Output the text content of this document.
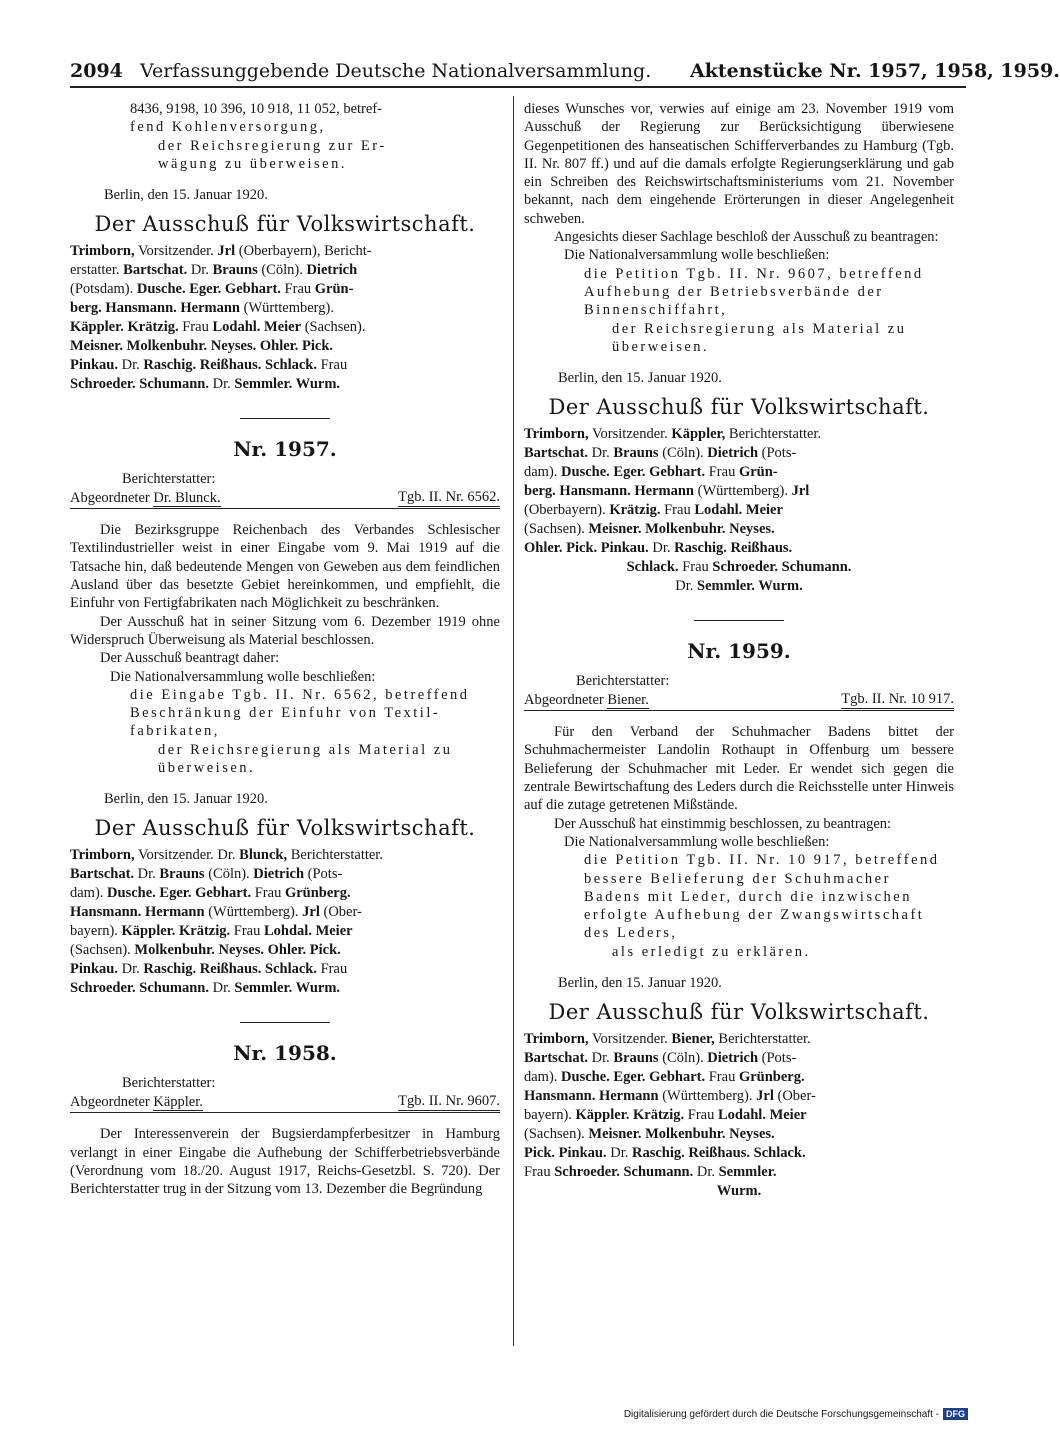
2094 Verfassunggebende Deutsche Nationalversammlung. Aktenstücke Nr. 1957, 1958, 1959.

8436, 9198, 10 396, 10 918, 11 052, betref-

fend Kohlenversorgung,

der Reichsregierung zur Er-

wägung zu überweisen.

Berlin, den 15. Januar 1920.

Der Ausschuß für Volkswirtschaft.

Trimborn, Vorsitzender. Jrl (Oberbayern), Bericht-
erstatter. Bartschat. Dr. Brauns (Cöln). Dietrich
(Potsdam). Dusche. Eger. Gebhart. Frau Grün-
berg. Hansmann. Hermann (Württemberg).
Käppler. Krätzig. Frau Lodahl. Meier (Sachsen).
Meisner. Molkenbuhr. Neyses. Ohler. Pick.
Pinkau. Dr. Raschig. Reißhaus. Schlack. Frau
Schroeder. Schumann. Dr. Semmler. Wurm.

Nr. 1957.

Berichterstatter:

Abgeordneter Dr. Blunck.	Tgb. II. Nr. 6562.

Die Bezirksgruppe Reichenbach des Verbandes Schlesischer Textilindustrieller weist in einer Eingabe vom 9. Mai 1919 auf die Tatsache hin, daß bedeutende Mengen von Geweben aus dem feindlichen Ausland über das besetzte Gebiet hereinkommen, und empfiehlt, die Einfuhr von Fertigfabrikaten nach Möglichkeit zu beschränken.

Der Ausschuß hat in seiner Sitzung vom 6. Dezember 1919 ohne Widerspruch Überweisung als Material beschlossen.

Der Ausschuß beantragt daher:

Die Nationalversammlung wolle beschließen:

die Eingabe Tgb. II. Nr. 6562, betreffend

Beschränkung der Einfuhr von Textil-

fabrikaten,

der Reichsregierung als Material zu

überweisen.

Berlin, den 15. Januar 1920.

Der Ausschuß für Volkswirtschaft.

Trimborn, Vorsitzender. Dr. Blunck, Berichterstatter.
Bartschat. Dr. Brauns (Cöln). Dietrich (Pots-
dam). Dusche. Eger. Gebhart. Frau Grünberg.
Hansmann. Hermann (Württemberg). Jrl (Ober-
bayern). Käppler. Krätzig. Frau Lohdal. Meier
(Sachsen). Molkenbuhr. Neyses. Ohler. Pick.
Pinkau. Dr. Raschig. Reißhaus. Schlack. Frau
Schroeder. Schumann. Dr. Semmler. Wurm.

Nr. 1958.

Berichterstatter:

Abgeordneter Käppler.	Tgb. II. Nr. 9607.

Der Interessenverein der Bugsierdampferbesitzer in Hamburg verlangt in einer Eingabe die Aufhebung der Schifferbetriebsverbände (Verordnung vom 18./20. August 1917, Reichs-Gesetzbl. S. 720). Der Berichterstatter trug in der Sitzung vom 13. Dezember die Begründung

dieses Wunsches vor, verwies auf einige am 23. November 1919 vom Ausschuß der Regierung zur Berücksichtigung überwiesene Gegenpetitionen des hanseatischen Schifferverbandes zu Hamburg (Tgb. II. Nr. 807 ff.) und auf die damals erfolgte Regierungserklärung und gab ein Schreiben des Reichswirtschaftsministeriums vom 21. November bekannt, nach dem eingehende Erörterungen in dieser Angelegenheit schweben.

Angesichts dieser Sachlage beschloß der Ausschuß zu beantragen:

Die Nationalversammlung wolle beschließen:

die Petition Tgb. II. Nr. 9607, betreffend

Aufhebung der Betriebsverbände der

Binnenschiffahrt,

der Reichsregierung als Material zu

überweisen.

Berlin, den 15. Januar 1920.

Der Ausschuß für Volkswirtschaft.

Trimborn, Vorsitzender. Käppler, Berichterstatter.
Bartschat. Dr. Brauns (Cöln). Dietrich (Pots-
dam). Dusche. Eger. Gebhart. Frau Grün-
berg. Hansmann. Hermann (Württemberg). Jrl
(Oberbayern). Krätzig. Frau Lodahl. Meier
(Sachsen). Meisner. Molkenbuhr. Neyses.
Ohler. Pick. Pinkau. Dr. Raschig. Reißhaus.
Schlack. Frau Schroeder. Schumann.
Dr. Semmler. Wurm.

Nr. 1959.

Berichterstatter:

Abgeordneter Biener.	Tgb. II. Nr. 10 917.

Für den Verband der Schuhmacher Badens bittet der Schuhmachermeister Landolin Rothaupt in Offenburg um bessere Belieferung der Schuhmacher mit Leder. Er wendet sich gegen die zentrale Bewirtschaftung des Leders durch die Reichsstelle unter Hinweis auf die zutage getretenen Mißstände.

Der Ausschuß hat einstimmig beschlossen, zu beantragen:

Die Nationalversammlung wolle beschließen:

die Petition Tgb. II. Nr. 10 917, betreffend

bessere Belieferung der Schuhmacher

Badens mit Leder, durch die inzwischen

erfolgte Aufhebung der Zwangswirtschaft

des Leders,

als erledigt zu erklären.

Berlin, den 15. Januar 1920.

Der Ausschuß für Volkswirtschaft.

Trimborn, Vorsitzender. Biener, Berichterstatter.
Bartschat. Dr. Brauns (Cöln). Dietrich (Pots-
dam). Dusche. Eger. Gebhart. Frau Grünberg.
Hansmann. Hermann (Württemberg). Jrl (Ober-
bayern). Käppler. Krätzig. Frau Lodahl. Meier
(Sachsen). Meisner. Molkenbuhr. Neyses.
Pick. Pinkau. Dr. Raschig. Reißhaus. Schlack.
Frau Schroeder. Schumann. Dr. Semmler.
Wurm.
Digitalisierung gefördert durch die Deutsche Forschungsgemeinschaft - DFG
